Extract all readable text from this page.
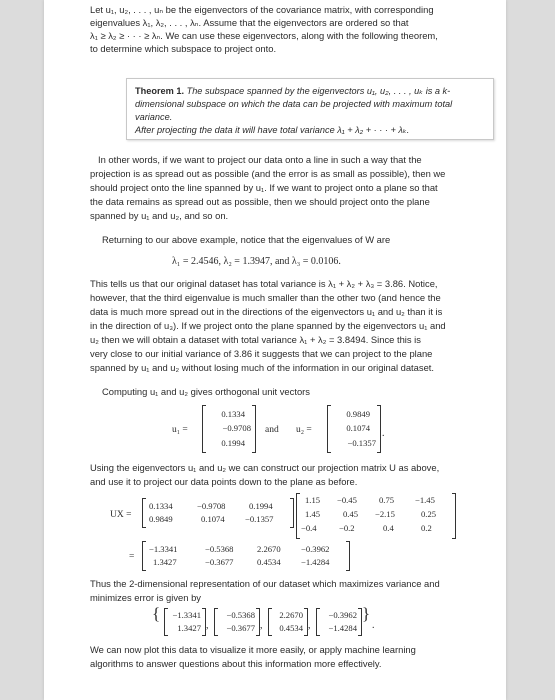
Let u₁, u₂, . . . , uₙ be the eigenvectors of the covariance matrix, with corresponding

eigenvalues λ₁, λ₂, . . . , λₙ. Assume that the eigenvectors are ordered so that

λ₁ ≥ λ₂ ≥ · · · ≥ λₙ. We can use these eigenvectors, along with the following theorem,

to determine which subspace to project onto.

Theorem 1. The subspace spanned by the eigenvectors u₁, u₂, . . . , uₖ is a k-

dimensional subspace on which the data can be projected with maximum total variance.

After projecting the data it will have total variance λ₁ + λ₂ + · · · + λₖ.

In other words, if we want to project our data onto a line in such a way that the

projection is as spread out as possible (and the error is as small as possible), then we

should project onto the line spanned by u₁. If we want to project onto a plane so that

the data remains as spread out as possible, then we should project onto the plane

spanned by u₁ and u₂, and so on.

Returning to our above example, notice that the eigenvalues of W are

λ₁ = 2.4546, λ₂ = 1.3947, and λ₃ = 0.0106.

This tells us that our original dataset has total variance is λ₁ + λ₂ + λ₃ = 3.86. Notice,

however, that the third eigenvalue is much smaller than the other two (and hence the

data is much more spread out in the directions of the eigenvectors u₁ and u₂ than it is

in the direction of u₃). If we project onto the plane spanned by the eigenvectors u₁ and

u₂ then we will obtain a dataset with total variance λ₁ + λ₂ = 3.8494. Since this is

very close to our initial variance of 3.86 it suggests that we can project to the plane

spanned by u₁ and u₂ without losing much of the information in our original dataset.

Computing u₁ and u₂ gives orthogonal unit vectors

u₁ =
0.1334
−0.9708
0.1994
and u₂ =
0.9849
0.1074
−0.1357
.

Using the eigenvectors u₁ and u₂ we can construct our projection matrix U as above,

and use it to project our data points down to the plane as before.

UX =
0.1334	−0.9708	0.1994
0.9849	0.1074 −0.1357
1.15 −0.45	0.75 −1.45
1.45	0.45 −2.15	0.25
−0.4	−0.2	0.4	0.2
=
−1.3341	−0.5368	2.2670 −0.3962
1.3427	−0.3677	0.4534 −1.4284

Thus the 2-dimensional representation of our dataset which maximizes variance and

minimizes error is given by

{ −1.3341
1.3427 ,
−0.5368
−0.3677 ,
2.2670
0.4534 ,
−0.3962
−1.4284
}
.

We can now plot this data to visualize it more easily, or apply machine learning

algorithms to answer questions about this information more effectively.
